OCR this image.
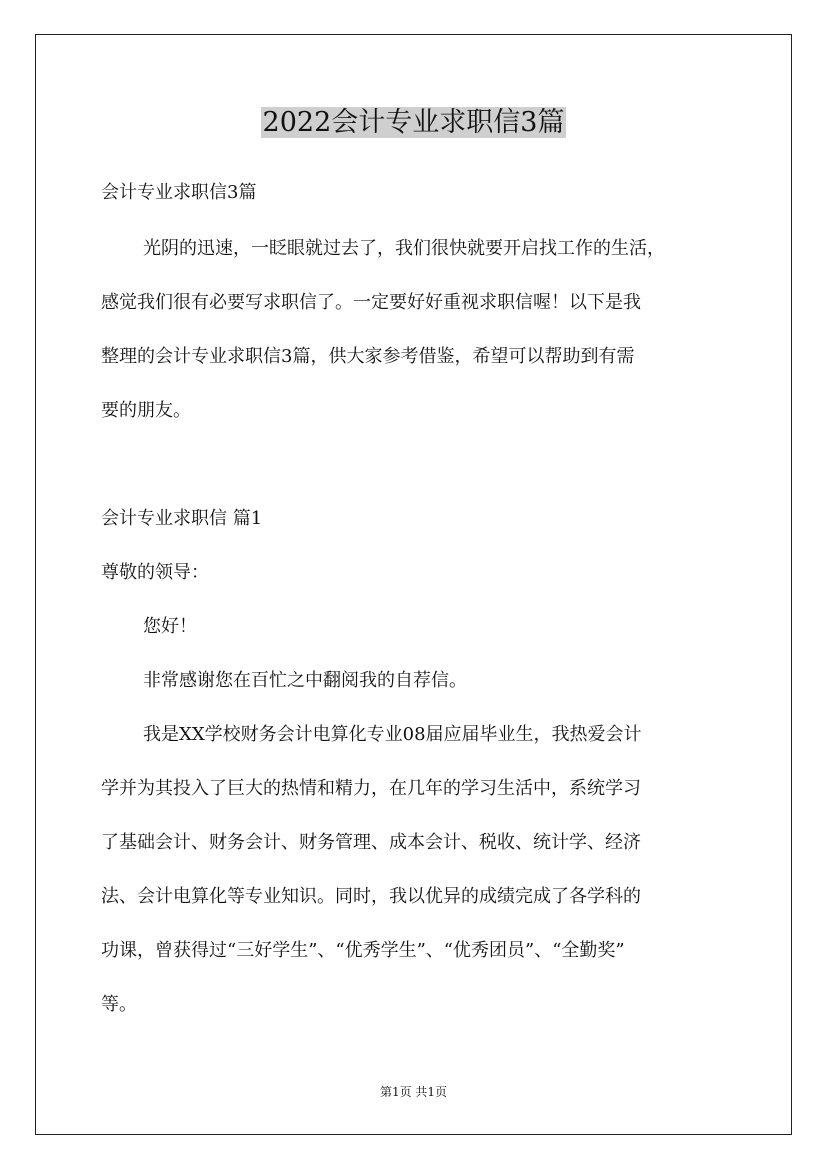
2022会计专业求职信3篇
会计专业求职信3篇
光阴的迅速，一眨眼就过去了，我们很快就要开启找工作的生活，
感觉我们很有必要写求职信了。一定要好好重视求职信喔！以下是我
整理的会计专业求职信3篇，供大家参考借鉴，希望可以帮助到有需
要的朋友。
会计专业求职信 篇1
尊敬的领导：
您好！
非常感谢您在百忙之中翻阅我的自荐信。
我是XX学校财务会计电算化专业08届应届毕业生，我热爱会计
学并为其投入了巨大的热情和精力，在几年的学习生活中，系统学习
了基础会计、财务会计、财务管理、成本会计、税收、统计学、经济
法、会计电算化等专业知识。同时，我以优异的成绩完成了各学科的
功课，曾获得过“三好学生”、“优秀学生”、“优秀团员”、“全勤奖”
等。
第1页 共1页
